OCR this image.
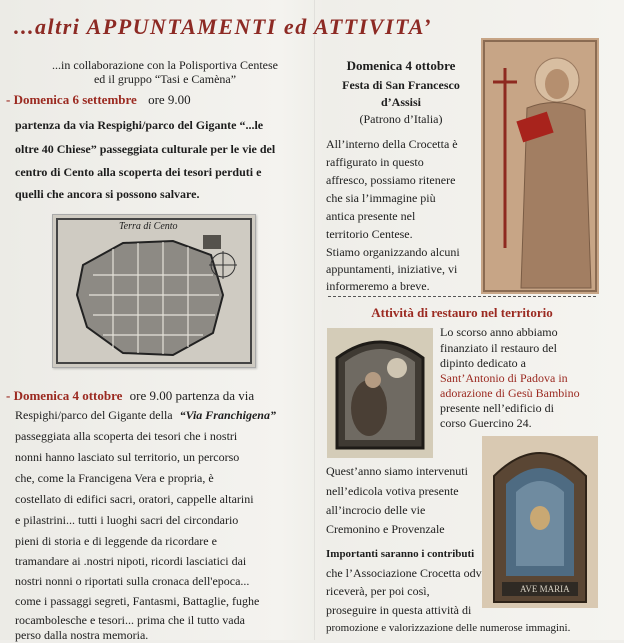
...altri APPUNTAMENTI ed ATTIVITA’
...in collaborazione con la Polisportiva Centese
ed il gruppo “Tasi e Camèna”
- Domenica 6 settembre ore 9.00
partenza da via Respighi/parco del Gigante “...le
oltre 40 Chiese” passeggiata culturale per le vie del
centro di Cento alla scoperta dei tesori perduti e
quelli che ancora si possono salvare.
Terra di Cento
- Domenica 4 ottobre ore 9.00 partenza da via
Respighi/parco del Gigante della “Via Franchigena”
passeggiata alla scoperta dei tesori che i nostri
nonni hanno lasciato sul territorio, un percorso
che, come la Francigena Vera e propria, è
costellato di edifici sacri, oratori, cappelle altarini
e pilastrini... tutti i luoghi sacri del circondario
pieni di storia e di leggende da ricordare e
tramandare ai .nostri nipoti, ricordi lasciatici dai
nostri nonni o riportati sulla cronaca dell'epoca...
come i passaggi segreti, Fantasmi, Battaglie, fughe
rocambolesche e tesori... prima che il tutto vada
perso dalla nostra memoria.
Domenica 4 ottobre
Festa di San Francesco
d’Assisi
(Patrono d’Italia)
All’interno della Crocetta è
raffigurato in questo
affresco, possiamo ritenere
che sia l’immagine più
antica presente nel
territorio Centese.
Stiamo organizzando alcuni
appuntamenti, iniziative, vi
informeremo a breve.
Attività di restauro nel territorio
Lo scorso anno abbiamo
finanziato il restauro del
dipinto dedicato a
Sant’Antonio di Padova in
adorazione di Gesù Bambino
presente nell’edificio di
corso Guercino 24.
Quest’anno siamo intervenuti
nell’edicola votiva presente
all’incrocio delle vie
Cremonino e Provenzale
AVE MARIA
Importanti saranno i contributi
che l’Associazione Crocetta odv
riceverà, per poi così,
proseguire in questa attività di
promozione e valorizzazione delle numerose immagini.
